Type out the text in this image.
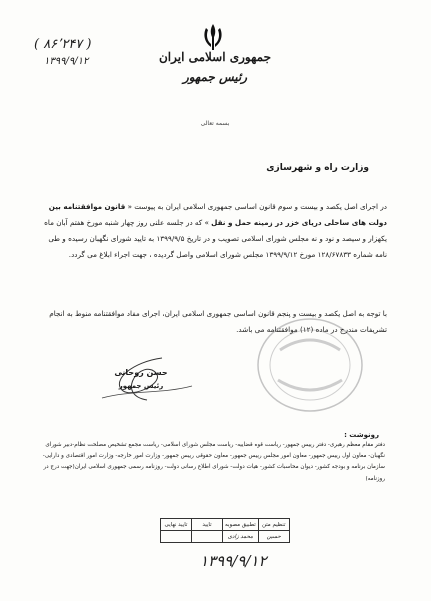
جمهوری اسلامی ایران
رئیس جمهور
( ۸۶٬۲۴۷ )
۱۳۹۹/۹/۱۲
بسمه تعالی
وزارت راه و شهرسازی
در اجرای اصل یکصد و بیست و سوم قانون اساسی جمهوری اسلامی ایران به پیوست « قانون موافقتنامه بین دولت های ساحلی دریای خزر در زمینه حمل و نقل » که در جلسه علنی روز چهار شنبه مورخ هفتم آبان ماه یکهزار و سیصد و نود و نه مجلس شورای اسلامی تصویب و در تاریخ ۱۳۹۹/۹/۵ به تایید شورای نگهبان رسیده و طی نامه شماره ۱۲۸/۶۷۸۳۳ مورخ ۱۳۹۹/۹/۱۲ مجلس شورای اسلامی واصل گردیده ، جهت اجراء ابلاغ می گردد.
با توجه به اصل یکصد و بیست و پنجم قانون اساسی جمهوری اسلامی ایران، اجرای مفاد موافقتنامه منوط به انجام تشریفات مندرج در ماده (۱۲) موافقتنامه می باشد.
حسن روحانی
رئیس جمهور
رونوشت :
دفتر مقام معظم رهبری- دفتر رییس جمهور- ریاست قوه قضاییه- ریاست مجلس شورای اسلامی- ریاست مجمع تشخیص مصلحت نظام-دبیر شورای نگهبان- معاون اول رییس جمهور- معاون امور مجلس رییس جمهور- معاون حقوقی رییس جمهور- وزارت امور خارجه- وزارت امور اقتصادی و دارایی- سازمان برنامه و بودجه کشور- دیوان محاسبات کشور- هیات دولت- شورای اطلاع رسانی دولت- روزنامه رسمی جمهوری اسلامی ایران(جهت درج در روزنامه)
تنظیم متن	تطبیق مصوبه	تایید	تایید نهایی
حسین	محمد زادی		
۱۳۹۹/۹/۱۲
